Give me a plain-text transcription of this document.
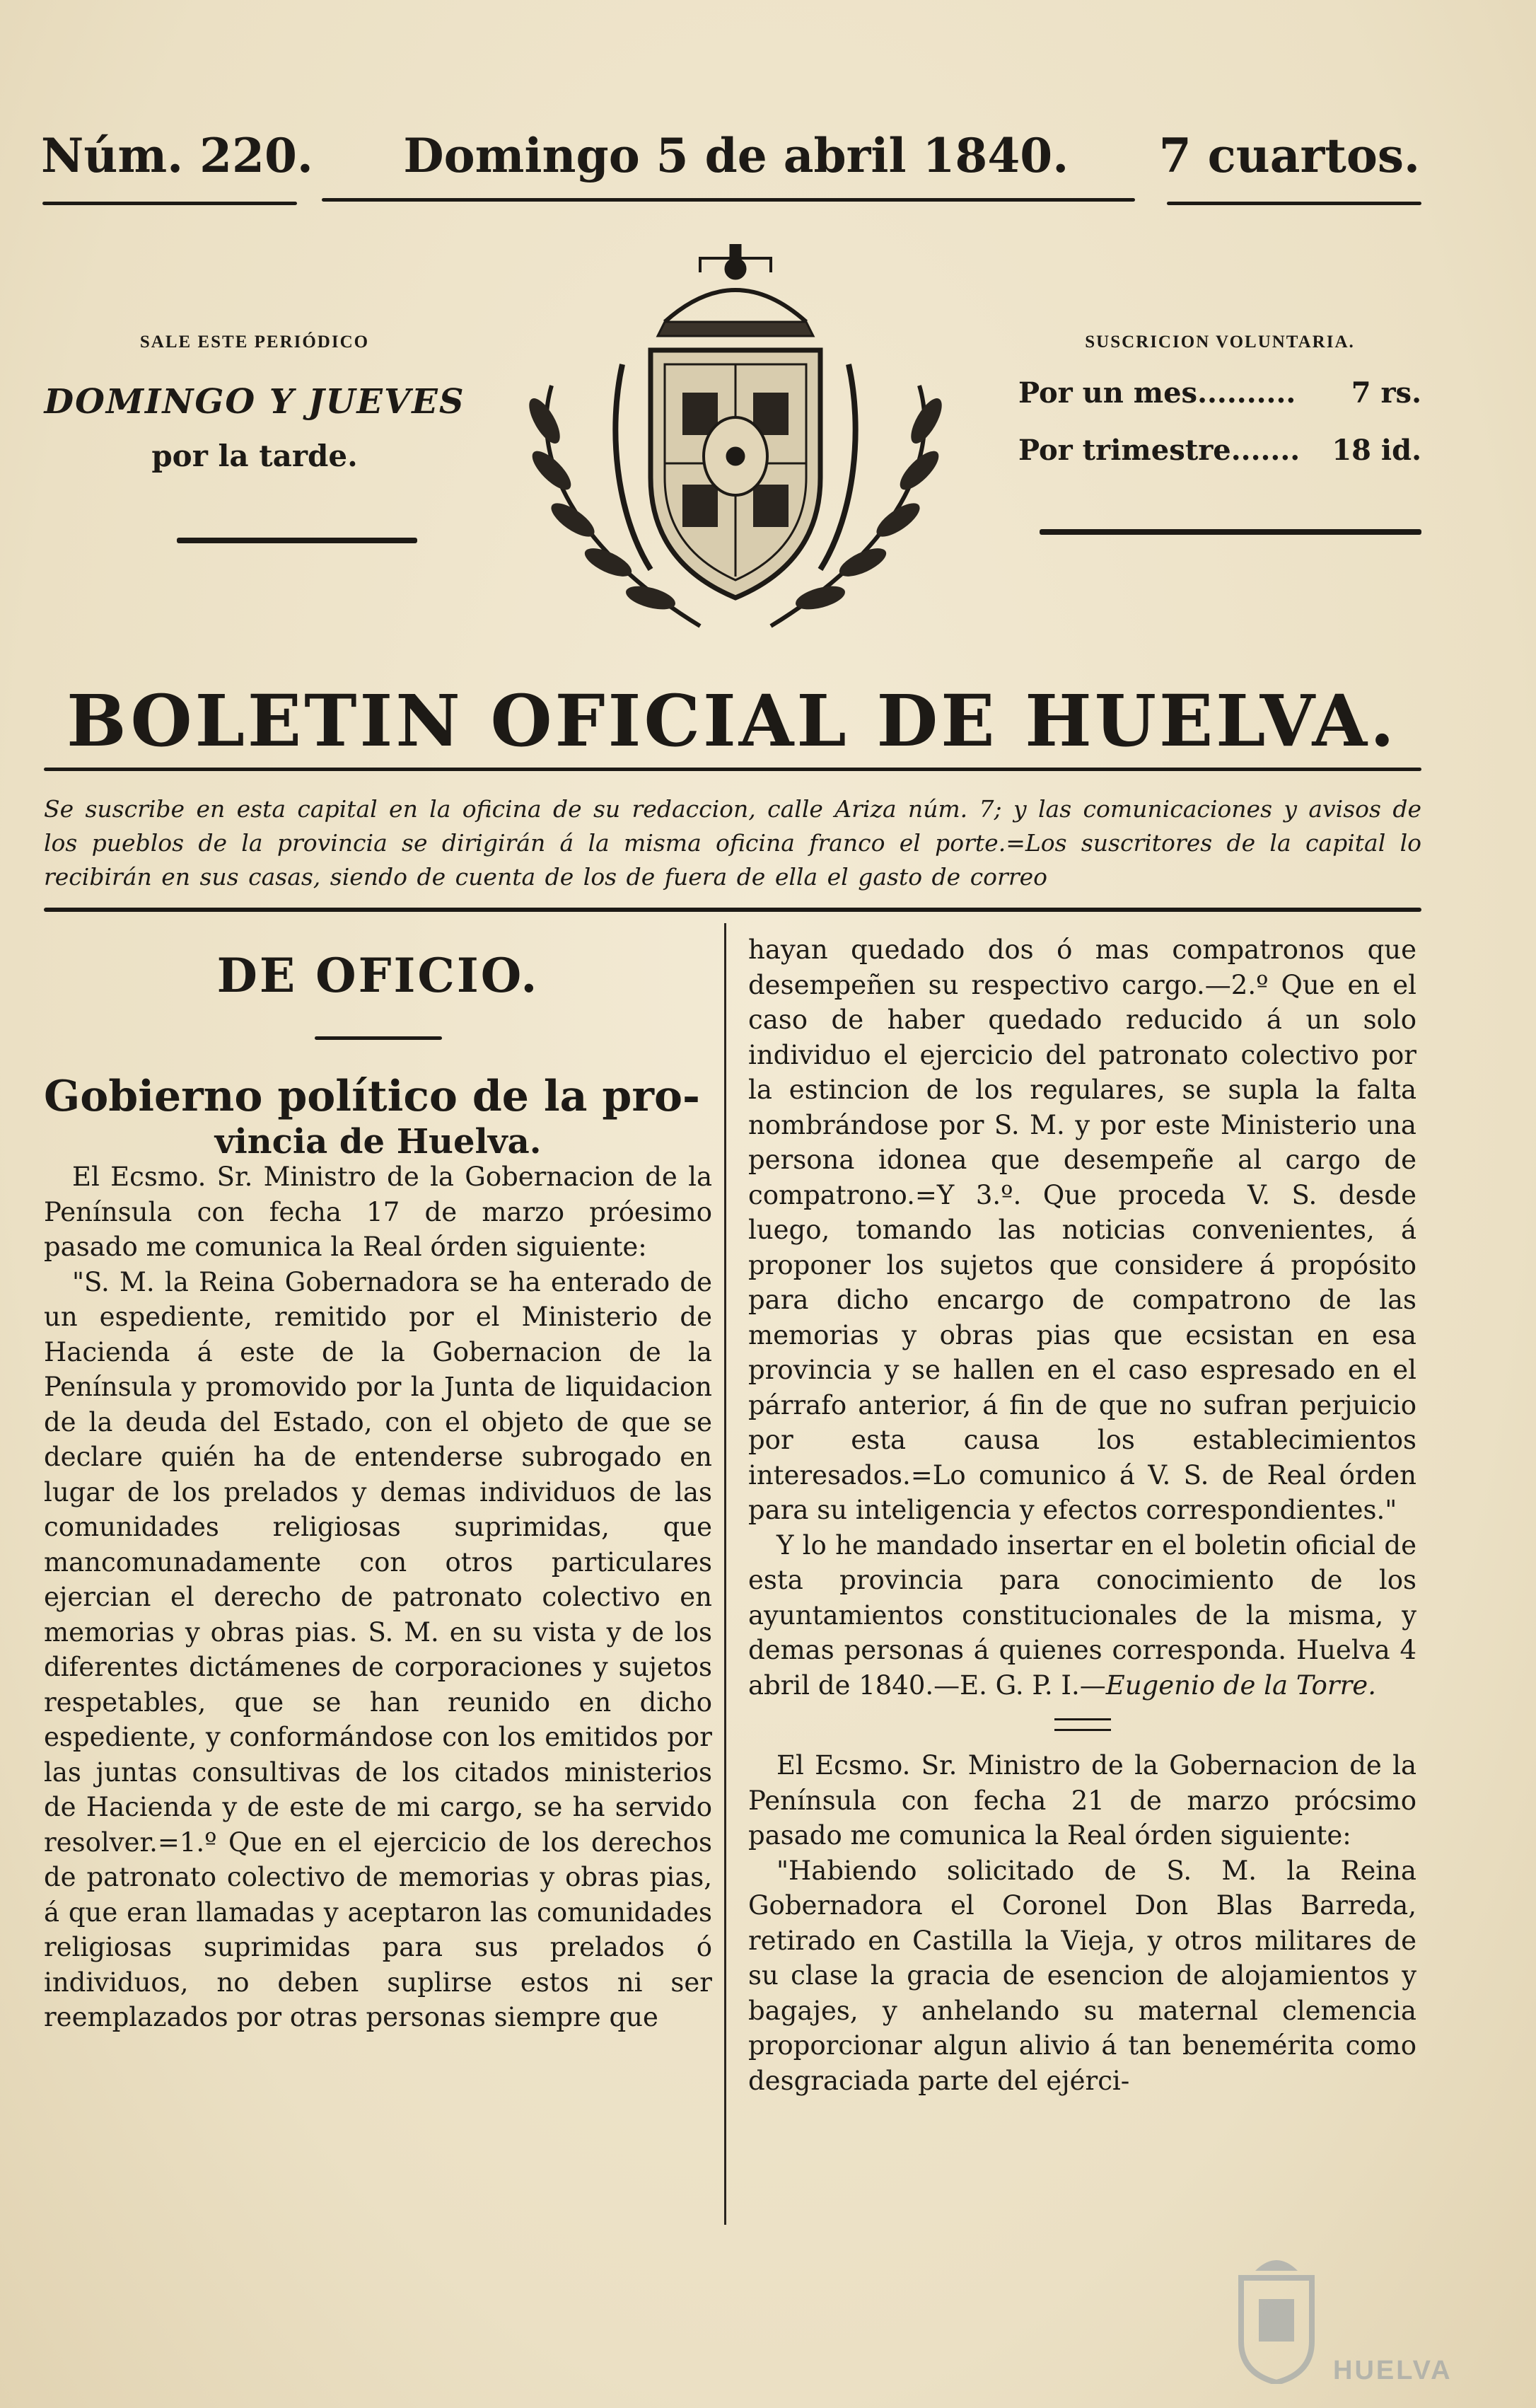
Núm. 220. Domingo 5 de abril 1840. 7 cuartos.
SALE ESTE PERIÓDICO
DOMINGO Y JUEVES
por la tarde.
SUSCRICION VOLUNTARIA.
Por un mes.......... 7 rs.
Por trimestre....... 18 id.
BOLETIN OFICIAL DE HUELVA.
Se suscribe en esta capital en la oficina de su redaccion, calle Ariza núm. 7; y las comunicaciones y avisos de los pueblos de la provincia se dirigirán á la misma oficina franco el porte.=Los suscritores de la capital lo recibirán en sus casas, siendo de cuenta de los de fuera de ella el gasto de correo
DE OFICIO.

Gobierno político de la pro-

vincia de Huelva.

El Ecsmo. Sr. Ministro de la Gobernacion de la Península con fecha 17 de marzo próesimo pasado me comunica la Real órden siguiente:

"S. M. la Reina Gobernadora se ha enterado de un espediente, remitido por el Ministerio de Hacienda á este de la Gobernacion de la Península y promovido por la Junta de liquidacion de la deuda del Estado, con el objeto de que se declare quién ha de entenderse subrogado en lugar de los prelados y demas individuos de las comunidades religiosas suprimidas, que mancomunadamente con otros particulares ejercian el derecho de patronato colectivo en memorias y obras pias. S. M. en su vista y de los diferentes dictámenes de corporaciones y sujetos respetables, que se han reunido en dicho espediente, y conformándose con los emitidos por las juntas consultivas de los citados ministerios de Hacienda y de este de mi cargo, se ha servido resolver.=1.º Que en el ejercicio de los derechos de patronato colectivo de memorias y obras pias, á que eran llamadas y aceptaron las comunidades religiosas suprimidas para sus prelados ó individuos, no deben suplirse estos ni ser reemplazados por otras personas siempre que

hayan quedado dos ó mas compatronos que desempeñen su respectivo cargo.—2.º Que en el caso de haber quedado reducido á un solo individuo el ejercicio del patronato colectivo por la estincion de los regulares, se supla la falta nombrándose por S. M. y por este Ministerio una persona idonea que desempeñe al cargo de compatrono.=Y 3.º. Que proceda V. S. desde luego, tomando las noticias convenientes, á proponer los sujetos que considere á propósito para dicho encargo de compatrono de las memorias y obras pias que ecsistan en esa provincia y se hallen en el caso espresado en el párrafo anterior, á fin de que no sufran perjuicio por esta causa los establecimientos interesados.=Lo comunico á V. S. de Real órden para su inteligencia y efectos correspondientes."

Y lo he mandado insertar en el boletin oficial de esta provincia para conocimiento de los ayuntamientos constitucionales de la misma, y demas personas á quienes corresponda. Huelva 4 abril de 1840.—E. G. P. I.—Eugenio de la Torre.

El Ecsmo. Sr. Ministro de la Gobernacion de la Península con fecha 21 de marzo prócsimo pasado me comunica la Real órden siguiente:

"Habiendo solicitado de S. M. la Reina Gobernadora el Coronel Don Blas Barreda, retirado en Castilla la Vieja, y otros militares de su clase la gracia de esencion de alojamientos y bagajes, y anhelando su maternal clemencia proporcionar algun alivio á tan benemérita como desgraciada parte del ejérci-

HUELVA
